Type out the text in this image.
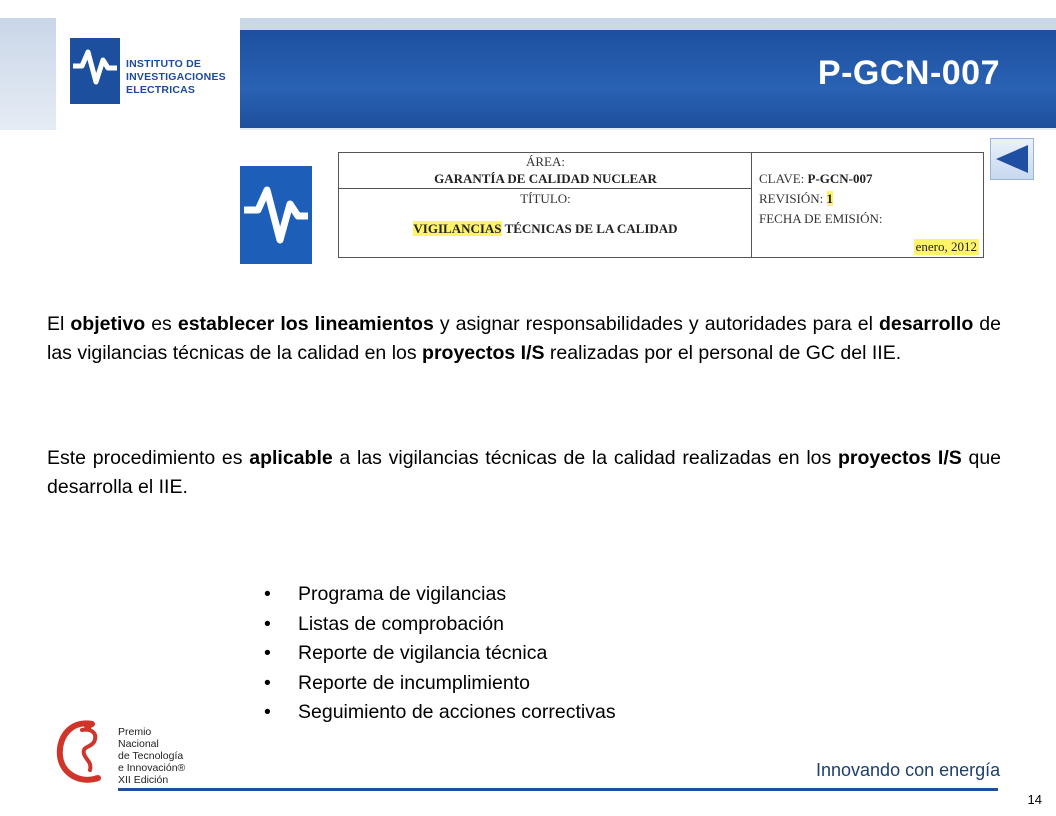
INSTITUTO DE
INVESTIGACIONES
ELECTRICAS	P-GCN-007
ÁREA:
GARANTÍA DE CALIDAD NUCLEAR
TÍTULO:
VIGILANCIAS TÉCNICAS DE LA CALIDAD
CLAVE: P-GCN-007
REVISIÓN: 1
FECHA DE EMISIÓN:
enero, 2012

El objetivo es establecer los lineamientos y asignar responsabilidades y autoridades para el desarrollo de las vigilancias técnicas de la calidad en los proyectos I/S realizadas por el personal de GC del IIE.

Este procedimiento es aplicable a las vigilancias técnicas de la calidad realizadas en los proyectos I/S que desarrolla el IIE.

• Programa de vigilancias
• Listas de comprobación
• Reporte de vigilancia técnica
• Reporte de incumplimiento
• Seguimiento de acciones correctivas
Premio
Nacional
de Tecnología
e Innovación®
XII Edición	Innovando con energía
14
